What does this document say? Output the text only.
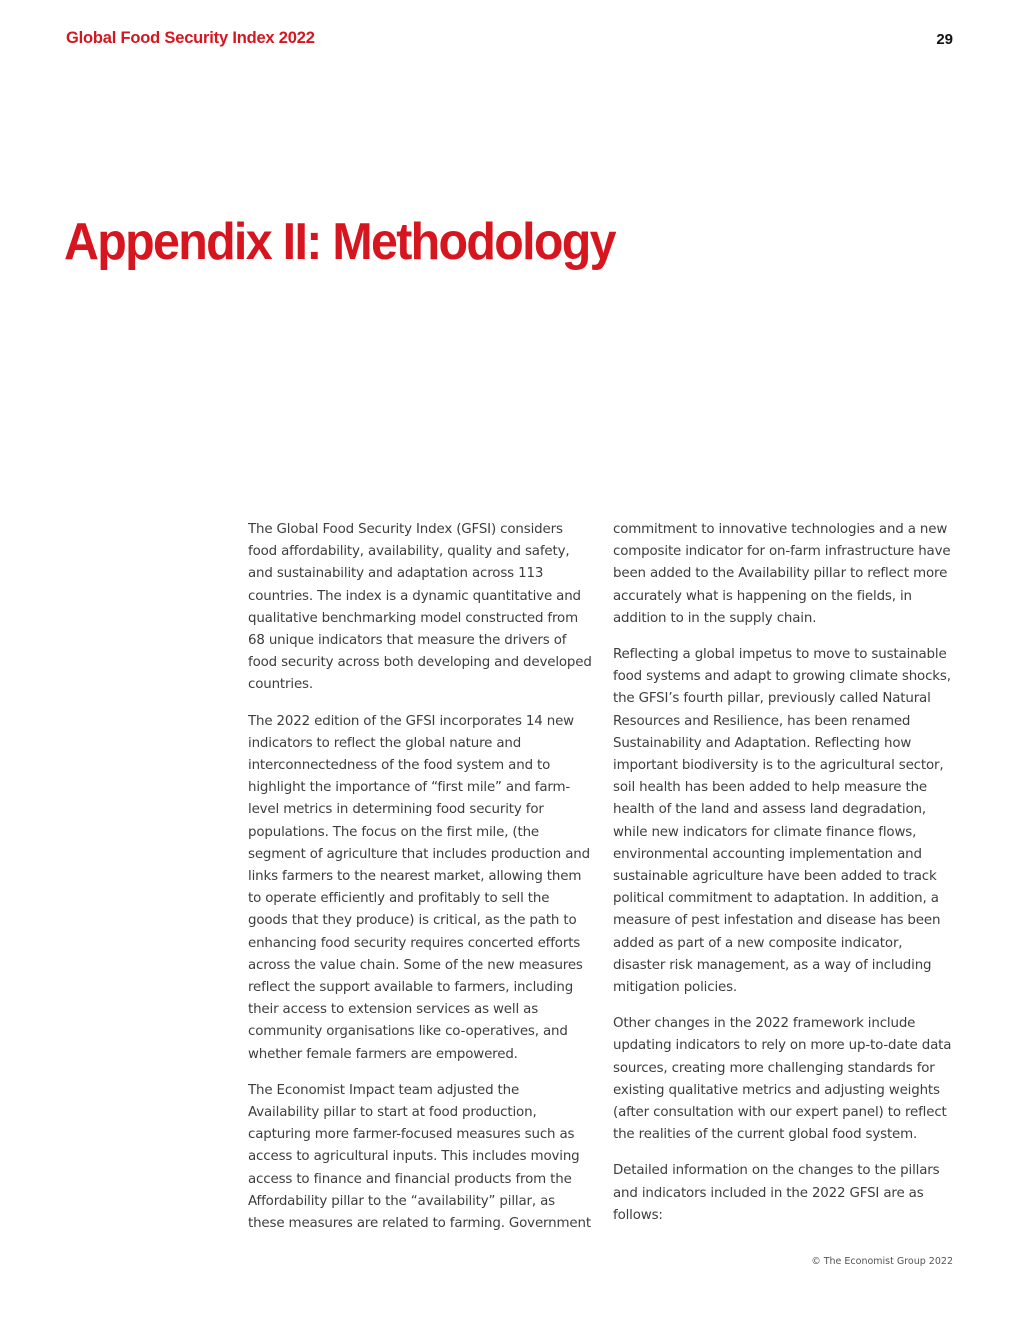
Global Food Security Index 2022	29
Appendix II: Methodology

The Global Food Security Index (GFSI) considers food affordability, availability, quality and safety, and sustainability and adaptation across 113 countries. The index is a dynamic quantitative and qualitative benchmarking model constructed from 68 unique indicators that measure the drivers of food security across both developing and developed countries.

The 2022 edition of the GFSI incorporates 14 new indicators to reflect the global nature and interconnectedness of the food system and to highlight the importance of “first mile” and farm-level metrics in determining food security for populations. The focus on the first mile, (the segment of agriculture that includes production and links farmers to the nearest market, allowing them to operate efficiently and profitably to sell the goods that they produce) is critical, as the path to enhancing food security requires concerted efforts across the value chain. Some of the new measures reflect the support available to farmers, including their access to extension services as well as community organisations like co-operatives, and whether female farmers are empowered.

The Economist Impact team adjusted the Availability pillar to start at food production, capturing more farmer-focused measures such as access to agricultural inputs. This includes moving access to finance and financial products from the Affordability pillar to the “availability” pillar, as these measures are related to farming. Government

commitment to innovative technologies and a new composite indicator for on-farm infrastructure have been added to the Availability pillar to reflect more accurately what is happening on the fields, in addition to in the supply chain.

Reflecting a global impetus to move to sustainable food systems and adapt to growing climate shocks, the GFSI’s fourth pillar, previously called Natural Resources and Resilience, has been renamed Sustainability and Adaptation. Reflecting how important biodiversity is to the agricultural sector, soil health has been added to help measure the health of the land and assess land degradation, while new indicators for climate finance flows, environmental accounting implementation and sustainable agriculture have been added to track political commitment to adaptation. In addition, a measure of pest infestation and disease has been added as part of a new composite indicator, disaster risk management, as a way of including mitigation policies.

Other changes in the 2022 framework include updating indicators to rely on more up-to-date data sources, creating more challenging standards for existing qualitative metrics and adjusting weights (after consultation with our expert panel) to reflect the realities of the current global food system.

Detailed information on the changes to the pillars and indicators included in the 2022 GFSI are as follows:

© The Economist Group 2022
